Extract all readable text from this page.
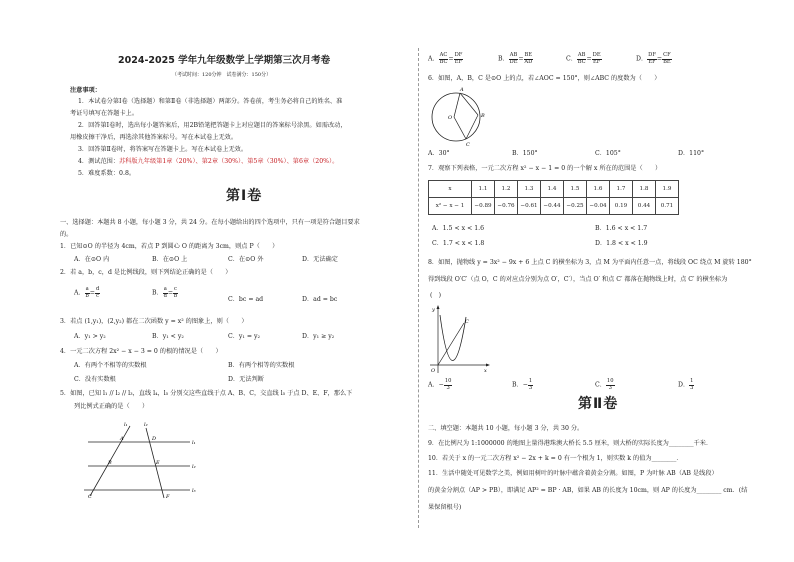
2024-2025 学年九年级数学上学期第三次月考卷
（考试时间：120分钟　试卷满分：150分）
注意事项：
1．本试卷分第Ⅰ卷（选择题）和第Ⅱ卷（非选择题）两部分。答卷前，考生务必将自己的姓名、准
考证号填写在答题卡上。
2．回答第Ⅰ卷时，选出每小题答案后，用2B铅笔把答题卡上对应题目的答案标号涂黑。如需改动，
用橡皮擦干净后，再选涂其他答案标号。写在本试卷上无效。
3．回答第Ⅱ卷时，将答案写在答题卡上。写在本试卷上无效。
4．测试范围：苏科版九年级第1章（20%）、第2章（30%）、第5章（30%）、第6章（20%）。
5．难度系数：0.8。
第Ⅰ卷
一、选择题：本题共 8 小题，每小题 3 分，共 24 分。在每小题给出的四个选项中，只有一项是符合题目要求
的。
1．已知⊙O 的半径为 4cm，若点 P 到圆心 O 的距离为 3cm，则点 P（　　）
A．在⊙O 内	B．在⊙O 上	C．在⊙O 外	D．无法确定
2．若 a，b，c，d 是比例线段，则下列结论正确的是（　　）
A． $\frac{a}{b} = \frac{d}{c}$	B． $\frac{a}{d} = \frac{c}{b}$
C．bc = ad	D．ad = bc
3．若点 (1,y₁)，(2,y₂) 都在二次函数 y = x² 的图象上，则（　　）
A．y₁ > y₂	B．y₁ < y₂	C．y₁ = y₂	D．y₁ ≥ y₂
4．一元二次方程 2x² − x − 3 = 0 的根的情况是（　　）
A．有两个不相等的实数根	B．有两个相等的实数根
C．没有实数根	D．无法判断
5．如图，已知 l₁ // l₂ // l₃，直线 l₄，l₅ 分别交这些直线于点 A、B、C，交直线 l₅ 于点 D、E、F，那么下
列比例式正确的是（　　）
l₁	l₂
l₁
l₂
l₃
A
B
C
D
E
F
A． $\frac{AC}{BC} = \frac{DF}{EF}$	B． $\frac{AB}{DE} = \frac{BE}{AD}$	C． $\frac{AB}{BC} = \frac{DE}{EF}$	D． $\frac{DF}{EF} = \frac{CF}{BE}$
6．如图，A，B，C 是⊙O 上的点，若∠AOC = 150°，则∠ABC 的度数为（　　）
A
B
C
O
A．30°	B．150°	C．105°	D．110°
7．观察下列表格，一元二次方程 x² − x − 1 = 0 的一个解 x 所在的范围是（　　）
x	1.1	1.2	1.3	1.4	1.5	1.6	1.7	1.8	1.9
x² − x − 1	−0.89	−0.76	−0.61	−0.44	−0.25	−0.04	0.19	0.44	0.71
A．1.5 < x < 1.6	B．1.6 < x < 1.7
C．1.7 < x < 1.8	D．1.8 < x < 1.9
8．如图，抛物线 y = 3x² − 9x + 6 上点 C 的横坐标为 3，点 M 为平面内任意一点，将线段 OC 绕点 M 旋转 180°
得到线段 O′C′（点 O，C 的对应点分别为点 O′，C′），当点 O′ 和点 C′ 都落在抛物线上时，点 C′ 的横坐标为
(　)
y
x
O
C
A．− $\frac{10}{3}$	B．− $\frac{1}{3}$	C． $\frac{10}{3}$	D． $\frac{1}{3}$
第Ⅱ卷
二、填空题：本题共 10 小题，每小题 3 分，共 30 分。
9．在比例尺为 1:1000000 的地图上量得港珠澳大桥长 5.5 厘米，则大桥的实际长度为________千米．
10．若关于 x 的一元二次方程 x² − 2x + k = 0 有一个根为 1，则实数 k 的值为________．
11．生活中随处可见数学之美，例如用树叶的叶脉中蕴含着黄金分割。如图，P 为叶脉 AB（AB 是线段）
的黄金分割点（AP > PB），即满足 AP² = BP · AB，如果 AB 的长度为 10cm，则 AP 的长度为________ cm．(结
果保留根号)
